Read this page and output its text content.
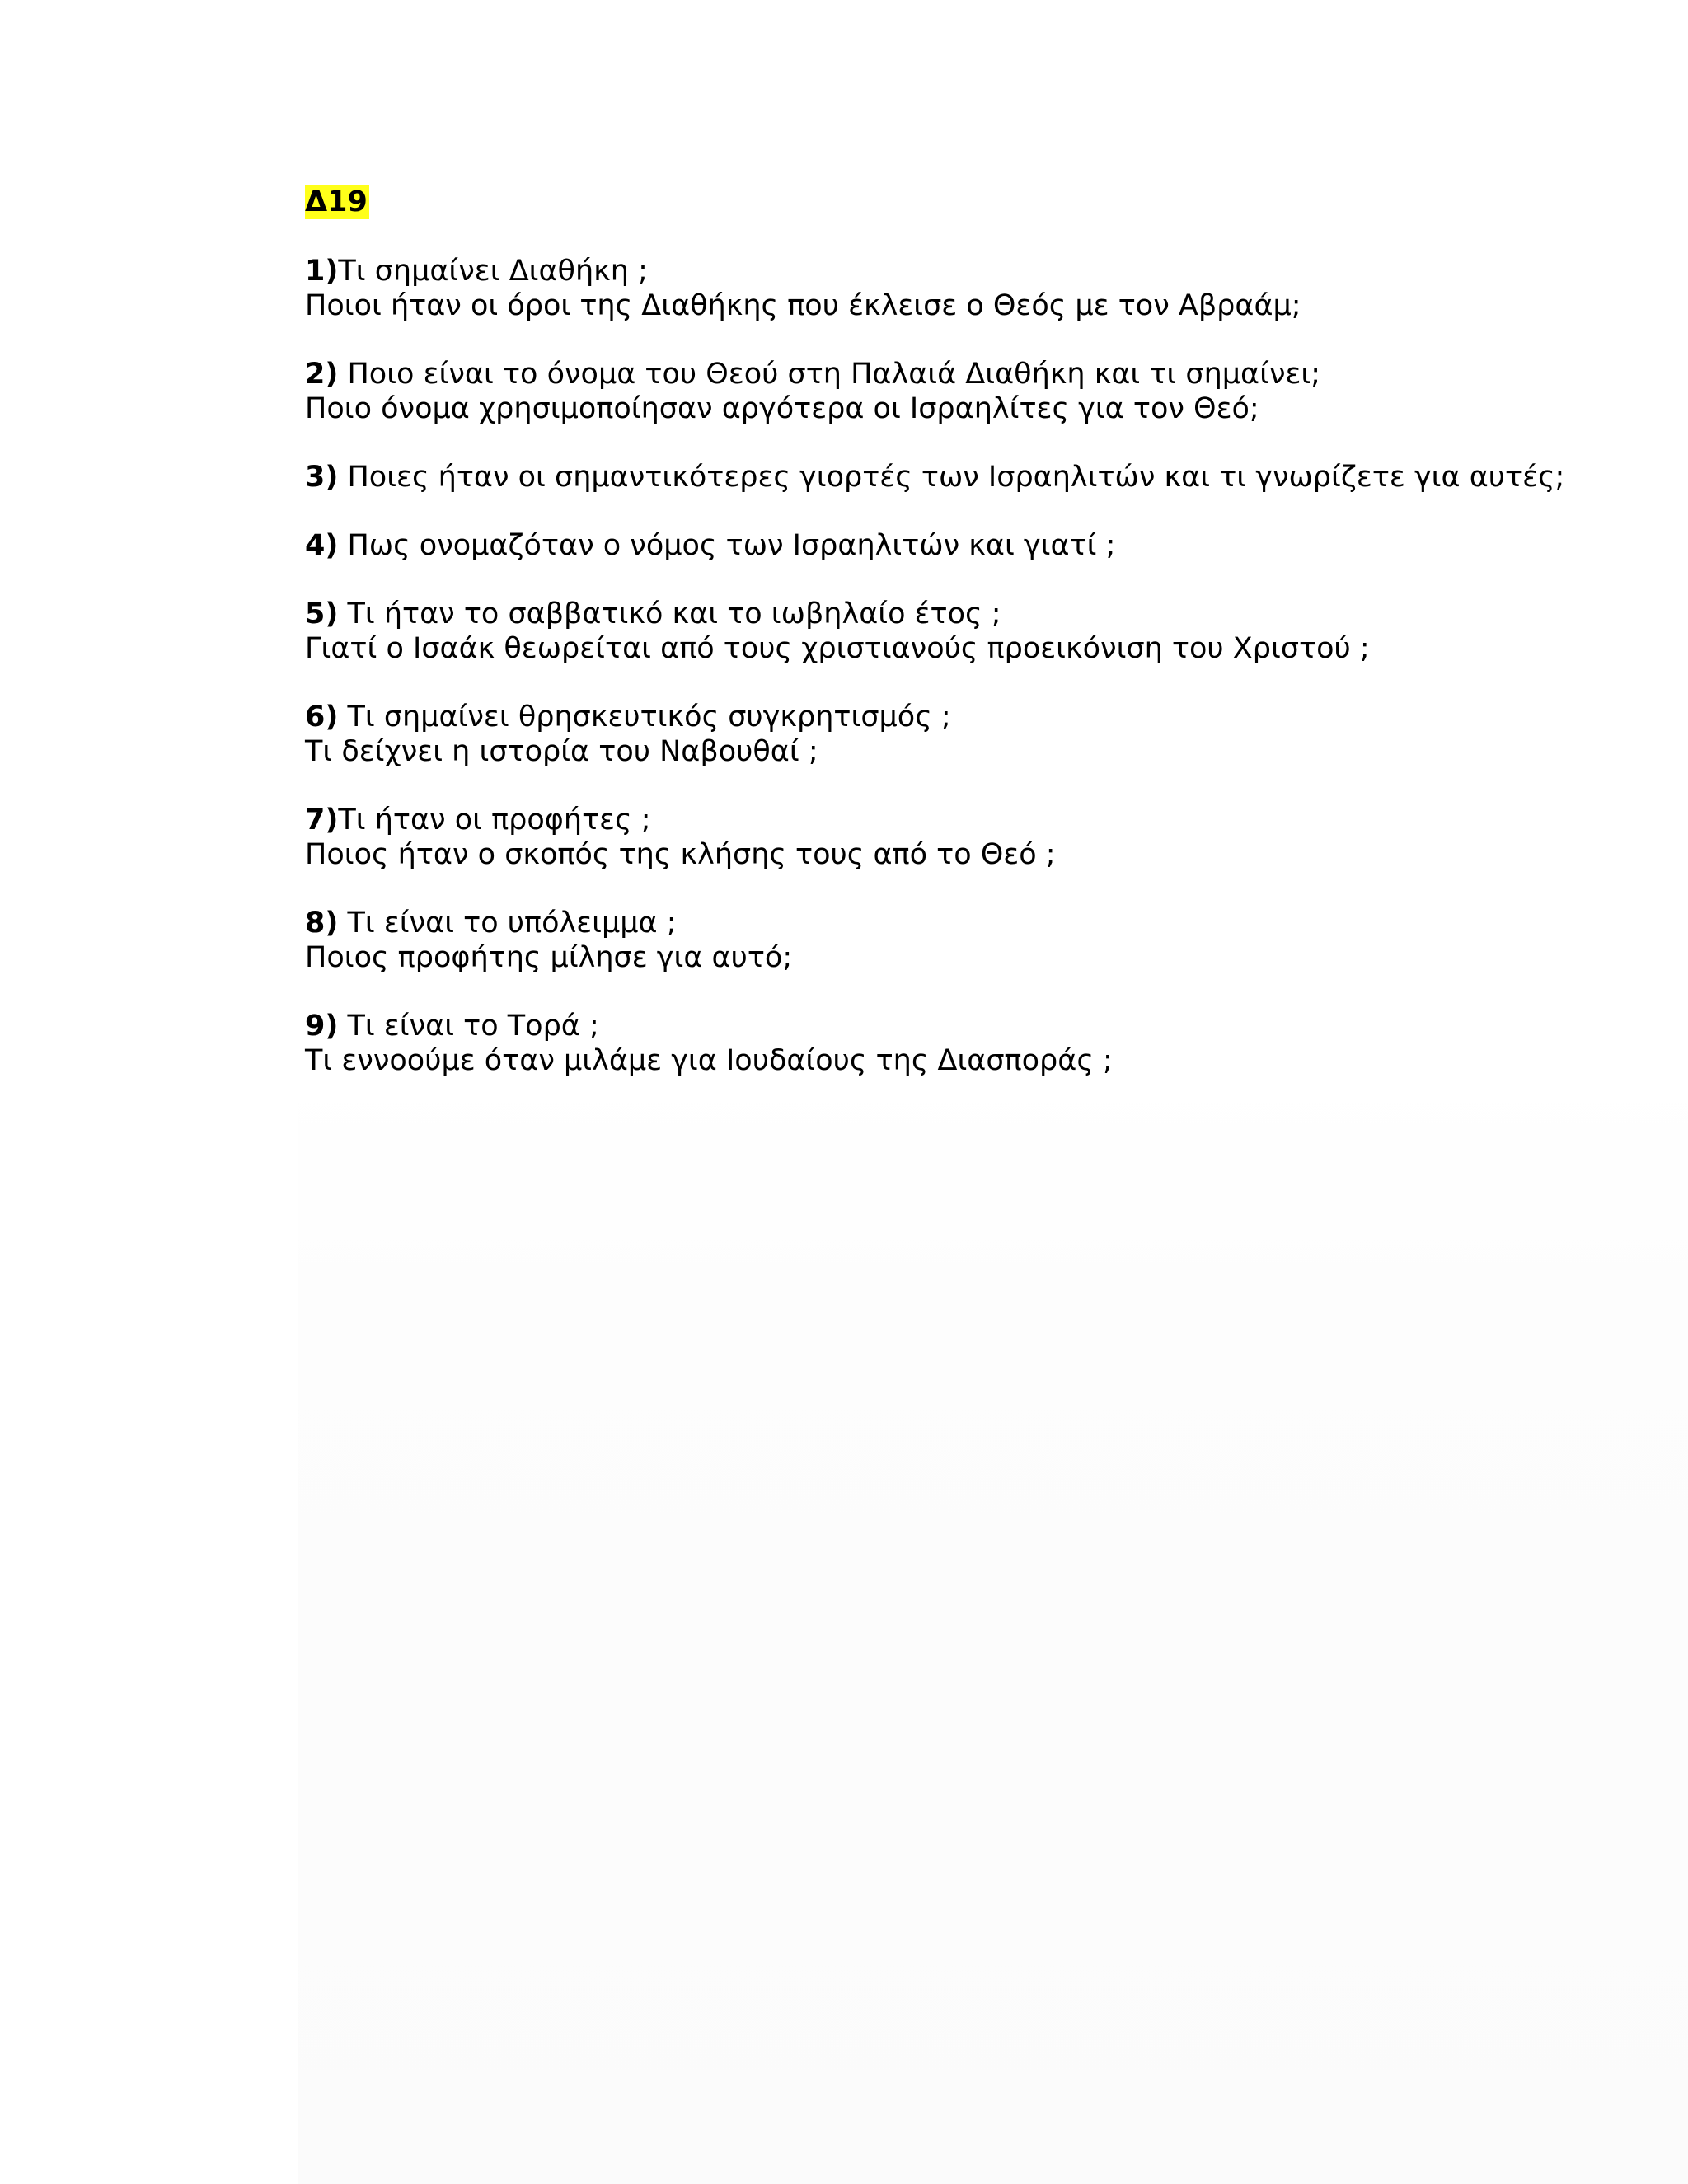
Δ19
1)Τι σημαίνει Διαθήκη ;
Ποιοι ήταν οι όροι της Διαθήκης που έκλεισε ο Θεός με τον Αβραάμ;
2) Ποιο είναι το όνομα του Θεού στη Παλαιά Διαθήκη και τι σημαίνει;
Ποιο όνομα χρησιμοποίησαν αργότερα οι Ισραηλίτες για τον Θεό;
3) Ποιες ήταν οι σημαντικότερες γιορτές των Ισραηλιτών και τι γνωρίζετε για αυτές;
4) Πως ονομαζόταν ο νόμος των Ισραηλιτών και γιατί ;
5) Τι ήταν το σαββατικό και το ιωβηλαίο έτος ;
Γιατί ο Ισαάκ θεωρείται από τους χριστιανούς προεικόνιση του Χριστού ;
6) Τι σημαίνει θρησκευτικός συγκρητισμός ;
Τι δείχνει η ιστορία του Ναβουθαί ;
7)Τι ήταν οι προφήτες ;
Ποιος ήταν ο σκοπός της κλήσης τους από το Θεό ;
8) Τι είναι το υπόλειμμα ;
Ποιος προφήτης μίλησε για αυτό;
9) Τι είναι το Τορά ;
Τι εννοούμε όταν μιλάμε για Ιουδαίους της Διασποράς ;
